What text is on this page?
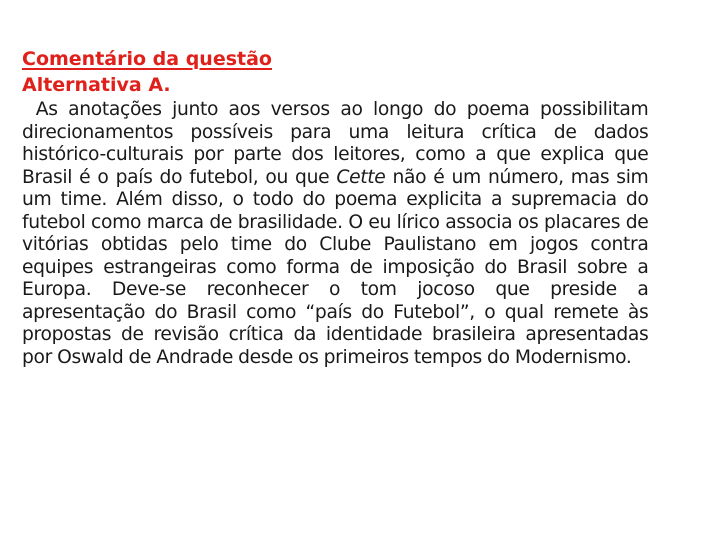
Comentário da questão

Alternativa A.

As anotações junto aos versos ao longo do poema possibilitam direcionamentos possíveis para uma leitura crítica de dados histórico-culturais por parte dos leitores, como a que explica que Brasil é o país do futebol, ou que Cette não é um número, mas sim um time. Além disso, o todo do poema explicita a supremacia do futebol como marca de brasilidade. O eu lírico associa os placares de vitórias obtidas pelo time do Clube Paulistano em jogos contra equipes estrangeiras como forma de imposição do Brasil sobre a Europa. Deve-se reconhecer o tom jocoso que preside a apresentação do Brasil como “país do Futebol”, o qual remete às propostas de revisão crítica da identidade brasileira apresentadas por Oswald de Andrade desde os primeiros tempos do Modernismo.
